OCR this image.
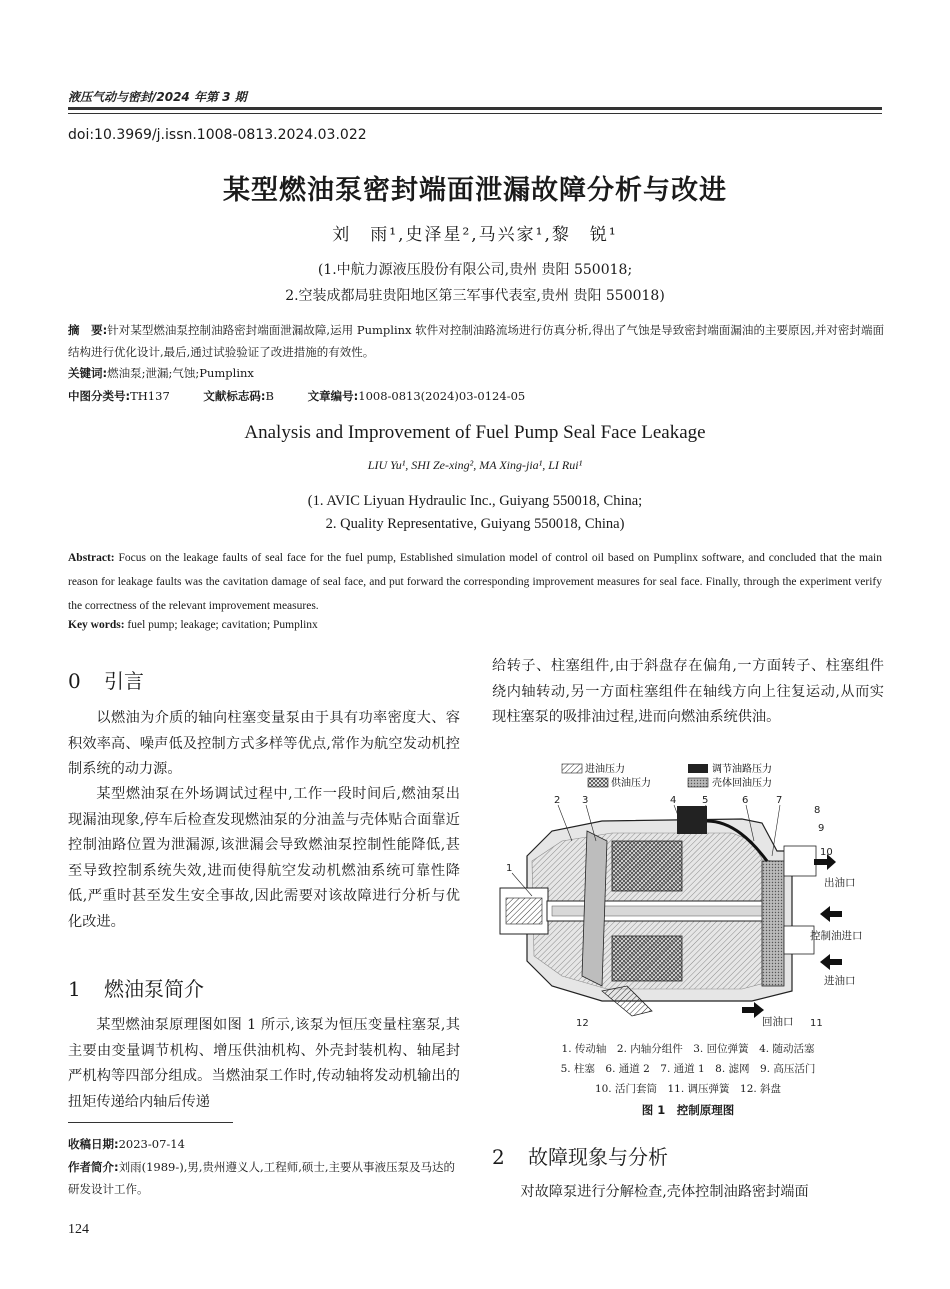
液压气动与密封/2024 年第 3 期
doi:10.3969/j.issn.1008-0813.2024.03.022
某型燃油泵密封端面泄漏故障分析与改进
刘　雨¹,史泽星²,马兴家¹,黎　锐¹
(1.中航力源液压股份有限公司,贵州 贵阳 550018;
2.空装成都局驻贵阳地区第三军事代表室,贵州 贵阳 550018)
摘　要:针对某型燃油泵控制油路密封端面泄漏故障,运用 Pumplinx 软件对控制油路流场进行仿真分析,得出了气蚀是导致密封端面漏油的主要原因,并对密封端面结构进行优化设计,最后,通过试验验证了改进措施的有效性。
关键词:燃油泵;泄漏;气蚀;Pumplinx
中图分类号:TH137	文献标志码:B	文章编号:1008-0813(2024)03-0124-05
Analysis and Improvement of Fuel Pump Seal Face Leakage
LIU Yu¹, SHI Ze-xing², MA Xing-jia¹, LI Rui¹
(1. AVIC Liyuan Hydraulic Inc., Guiyang 550018, China;
2. Quality Representative, Guiyang 550018, China)
Abstract: Focus on the leakage faults of seal face for the fuel pump, Established simulation model of control oil based on Pumplinx software, and concluded that the main reason for leakage faults was the cavitation damage of seal face, and put forward the corresponding improvement measures for seal face. Finally, through the experiment verify the correctness of the relevant improvement measures.
Key words: fuel pump; leakage; cavitation; Pumplinx
0 引言

以燃油为介质的轴向柱塞变量泵由于具有功率密度大、容积效率高、噪声低及控制方式多样等优点,常作为航空发动机控制系统的动力源。

某型燃油泵在外场调试过程中,工作一段时间后,燃油泵出现漏油现象,停车后检查发现燃油泵的分油盖与壳体贴合面靠近控制油路位置为泄漏源,该泄漏会导致燃油泵控制性能降低,甚至导致控制系统失效,进而使得航空发动机燃油系统可靠性降低,严重时甚至发生安全事故,因此需要对该故障进行分析与优化改进。

1 燃油泵简介

某型燃油泵原理图如图 1 所示,该泵为恒压变量柱塞泵,其主要由变量调节机构、增压供油机构、外壳封装机构、轴尾封严机构等四部分组成。当燃油泵工作时,传动轴将发动机输出的扭矩传递给内轴后传递

收稿日期:2023-07-14
作者简介:刘雨(1989-),男,贵州遵义人,工程师,硕士,主要从事液压泵及马达的研发设计工作。
124

给转子、柱塞组件,由于斜盘存在偏角,一方面转子、柱塞组件绕内轴转动,另一方面柱塞组件在轴线方向上往复运动,从而实现柱塞泵的吸排油过程,进而向燃油系统供油。

进油压力
供油压力
调节油路压力
壳体回油压力
1
2 3	4	5	6	7
8
9
10
11
12
出油口
控制油进口
进油口
回油口
1. 传动轴　2. 内轴分组件　3. 回位弹簧　4. 随动活塞
5. 柱塞　6. 通道 2　7. 通道 1　8. 滤网　9. 高压活门
10. 活门套筒　11. 调压弹簧　12. 斜盘
图 1　控制原理图
2 故障现象与分析

对故障泵进行分解检查,壳体控制油路密封端面
